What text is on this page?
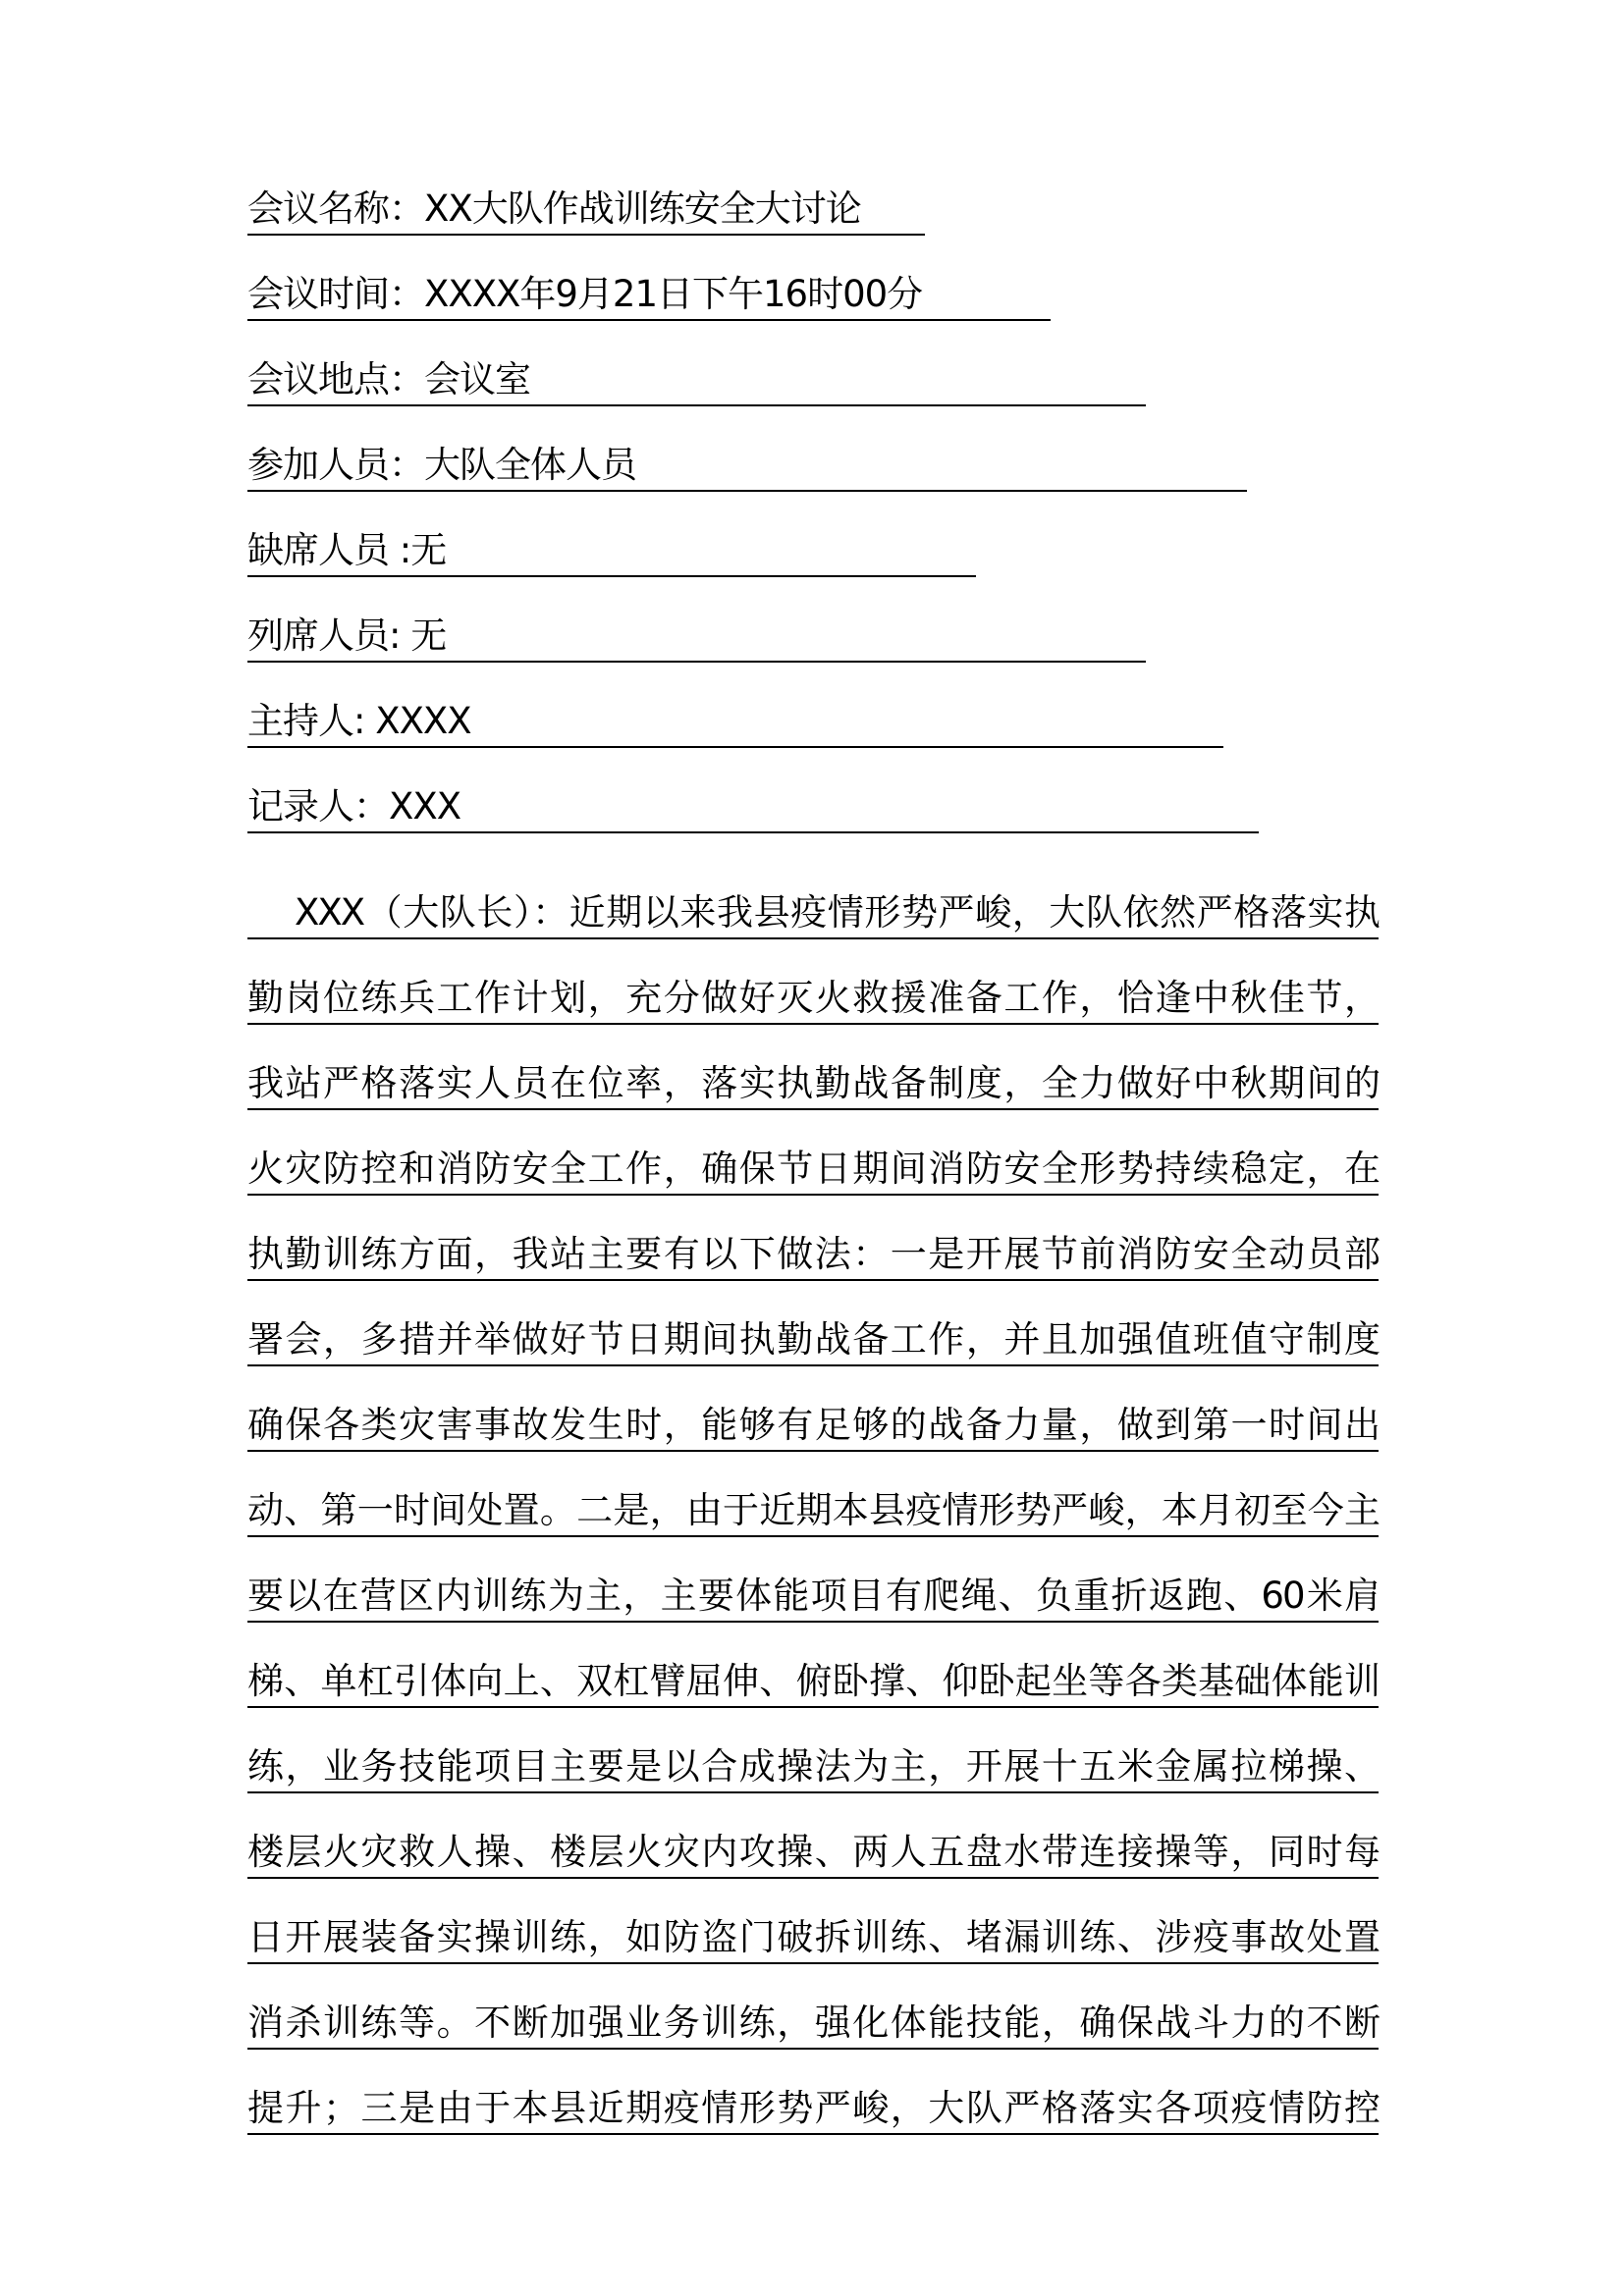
会议名称：XX大队作战训练安全大讨论
会议时间：XXXX年9月21日下午16时00分
会议地点：会议室
参加人员：大队全体人员
缺席人员 :无
列席人员: 无
主持人: XXXX
记录人：XXX
XXX（大队长）：近期以来我县疫情形势严峻，大队依然严格落实执
勤岗位练兵工作计划，充分做好灭火救援准备工作，恰逢中秋佳节，
我站严格落实人员在位率，落实执勤战备制度，全力做好中秋期间的
火灾防控和消防安全工作，确保节日期间消防安全形势持续稳定，在
执勤训练方面，我站主要有以下做法：一是开展节前消防安全动员部
署会，多措并举做好节日期间执勤战备工作，并且加强值班值守制度
确保各类灾害事故发生时，能够有足够的战备力量，做到第一时间出
动、第一时间处置。二是，由于近期本县疫情形势严峻，本月初至今主
要以在营区内训练为主，主要体能项目有爬绳、负重折返跑、60米肩
梯、单杠引体向上、双杠臂屈伸、俯卧撑、仰卧起坐等各类基础体能训
练，业务技能项目主要是以合成操法为主，开展十五米金属拉梯操、
楼层火灾救人操、楼层火灾内攻操、两人五盘水带连接操等，同时每
日开展装备实操训练，如防盗门破拆训练、堵漏训练、涉疫事故处置
消杀训练等。不断加强业务训练，强化体能技能，确保战斗力的不断
提升；三是由于本县近期疫情形势严峻，大队严格落实各项疫情防控
